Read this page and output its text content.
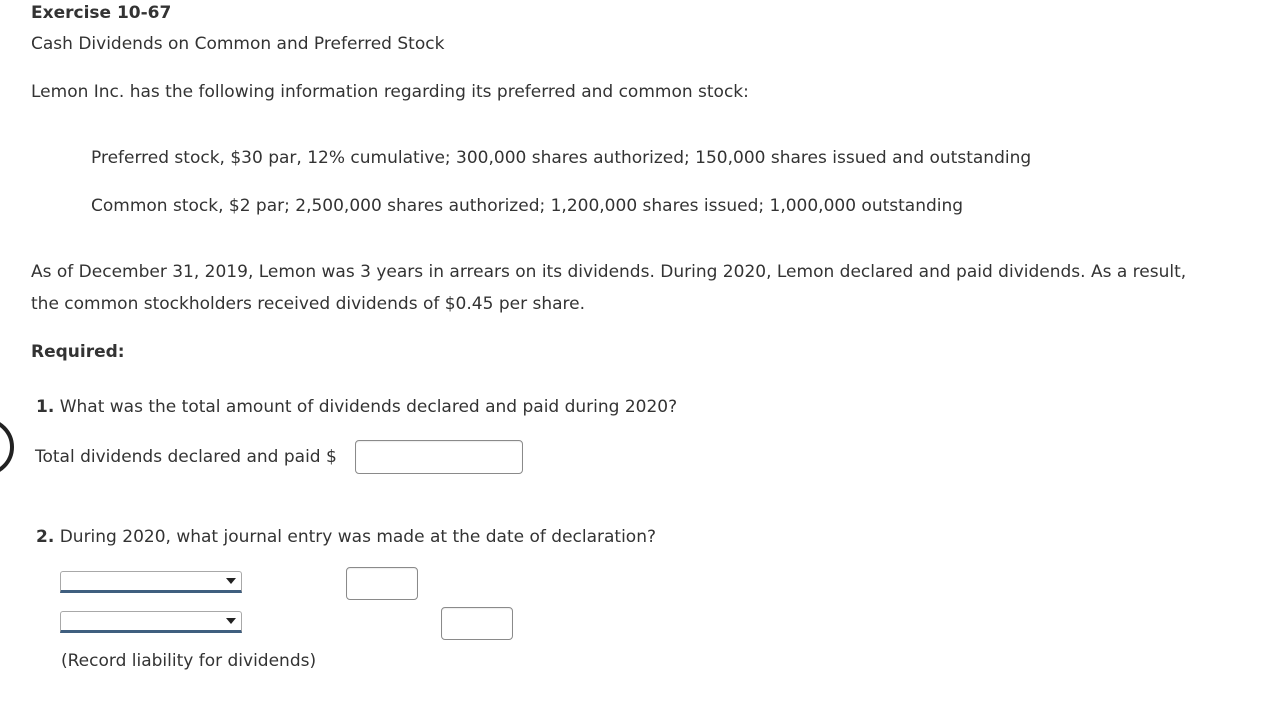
Exercise 10-67
Cash Dividends on Common and Preferred Stock
Lemon Inc. has the following information regarding its preferred and common stock:
Preferred stock, $30 par, 12% cumulative; 300,000 shares authorized; 150,000 shares issued and outstanding
Common stock, $2 par; 2,500,000 shares authorized; 1,200,000 shares issued; 1,000,000 outstanding
As of December 31, 2019, Lemon was 3 years in arrears on its dividends. During 2020, Lemon declared and paid dividends. As a result,
the common stockholders received dividends of $0.45 per share.
Required:
1. What was the total amount of dividends declared and paid during 2020?
Total dividends declared and paid $
2. During 2020, what journal entry was made at the date of declaration?
(Record liability for dividends)
